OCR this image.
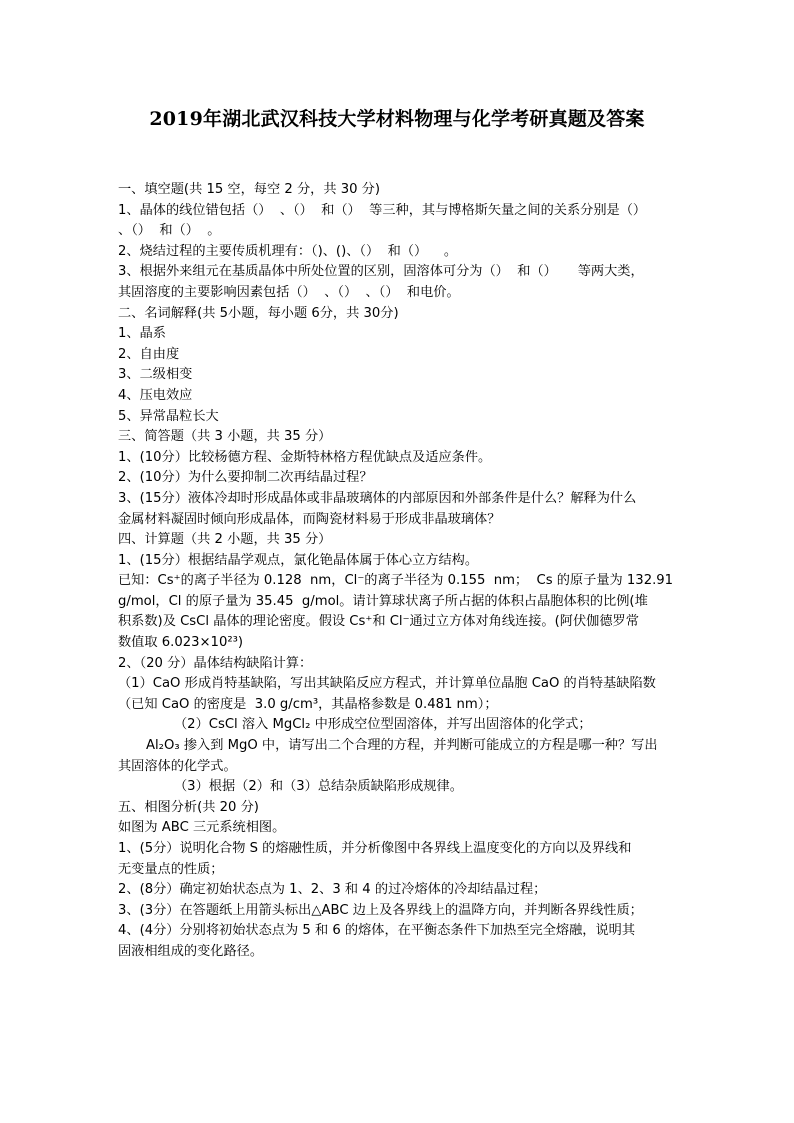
2019年湖北武汉科技大学材料物理与化学考研真题及答案
一、填空题(共 15 空，每空 2 分，共 30 分)
1、晶体的线位错包括（）  、（）  和（）  等三种，其与博格斯矢量之间的关系分别是（）
、（）  和（）  。
2、烧结过程的主要传质机理有：（)、()、（）  和（）    。
3、根据外来组元在基质晶体中所处位置的区别，固溶体可分为（）  和（）     等两大类，
其固溶度的主要影响因素包括（）  、（）  、（）  和电价。
二、名词解释(共 5小题，每小题 6分，共 30分)
1、晶系
2、自由度
3、二级相变
4、压电效应
5、异常晶粒长大
三、简答题（共 3 小题，共 35 分）
1、(10分）比较杨德方程、金斯特林格方程优缺点及适应条件。
2、(10分）为什么要抑制二次再结晶过程？
3、(15分）液体冷却时形成晶体或非晶玻璃体的内部原因和外部条件是什么？解释为什么
金属材料凝固时倾向形成晶体，而陶瓷材料易于形成非晶玻璃体？
四、计算题（共 2 小题，共 35 分）
1、(15分）根据结晶学观点，氯化铯晶体属于体心立方结构。
已知：Cs⁺的离子半径为 0.128  nm，Cl⁻的离子半径为 0.155  nm；  Cs 的原子量为 132.91
g/mol，Cl 的原子量为 35.45  g/mol。请计算球状离子所占据的体积占晶胞体积的比例(堆
积系数)及 CsCl 晶体的理论密度。假设 Cs⁺和 Cl⁻通过立方体对角线连接。(阿伏伽德罗常
数值取 6.023×10²³)
2、（20 分）晶体结构缺陷计算：
（1）CaO 形成肖特基缺陷，写出其缺陷反应方程式，并计算单位晶胞 CaO 的肖特基缺陷数
（已知 CaO 的密度是  3.0 g/cm³，其晶格参数是 0.481 nm）；
（2）CsCl 溶入 MgCl₂ 中形成空位型固溶体，并写出固溶体的化学式；
Al₂O₃ 掺入到 MgO 中，请写出二个合理的方程，并判断可能成立的方程是哪一种？写出
其固溶体的化学式。
（3）根据（2）和（3）总结杂质缺陷形成规律。
五、相图分析(共 20 分)
如图为 ABC 三元系统相图。
1、(5分）说明化合物 S 的熔融性质，并分析像图中各界线上温度变化的方向以及界线和
无变量点的性质；
2、(8分）确定初始状态点为 1、2、3 和 4 的过冷熔体的冷却结晶过程；
3、(3分）在答题纸上用箭头标出△ABC 边上及各界线上的温降方向，并判断各界线性质；
4、(4分）分别将初始状态点为 5 和 6 的熔体，在平衡态条件下加热至完全熔融，说明其
固液相组成的变化路径。
